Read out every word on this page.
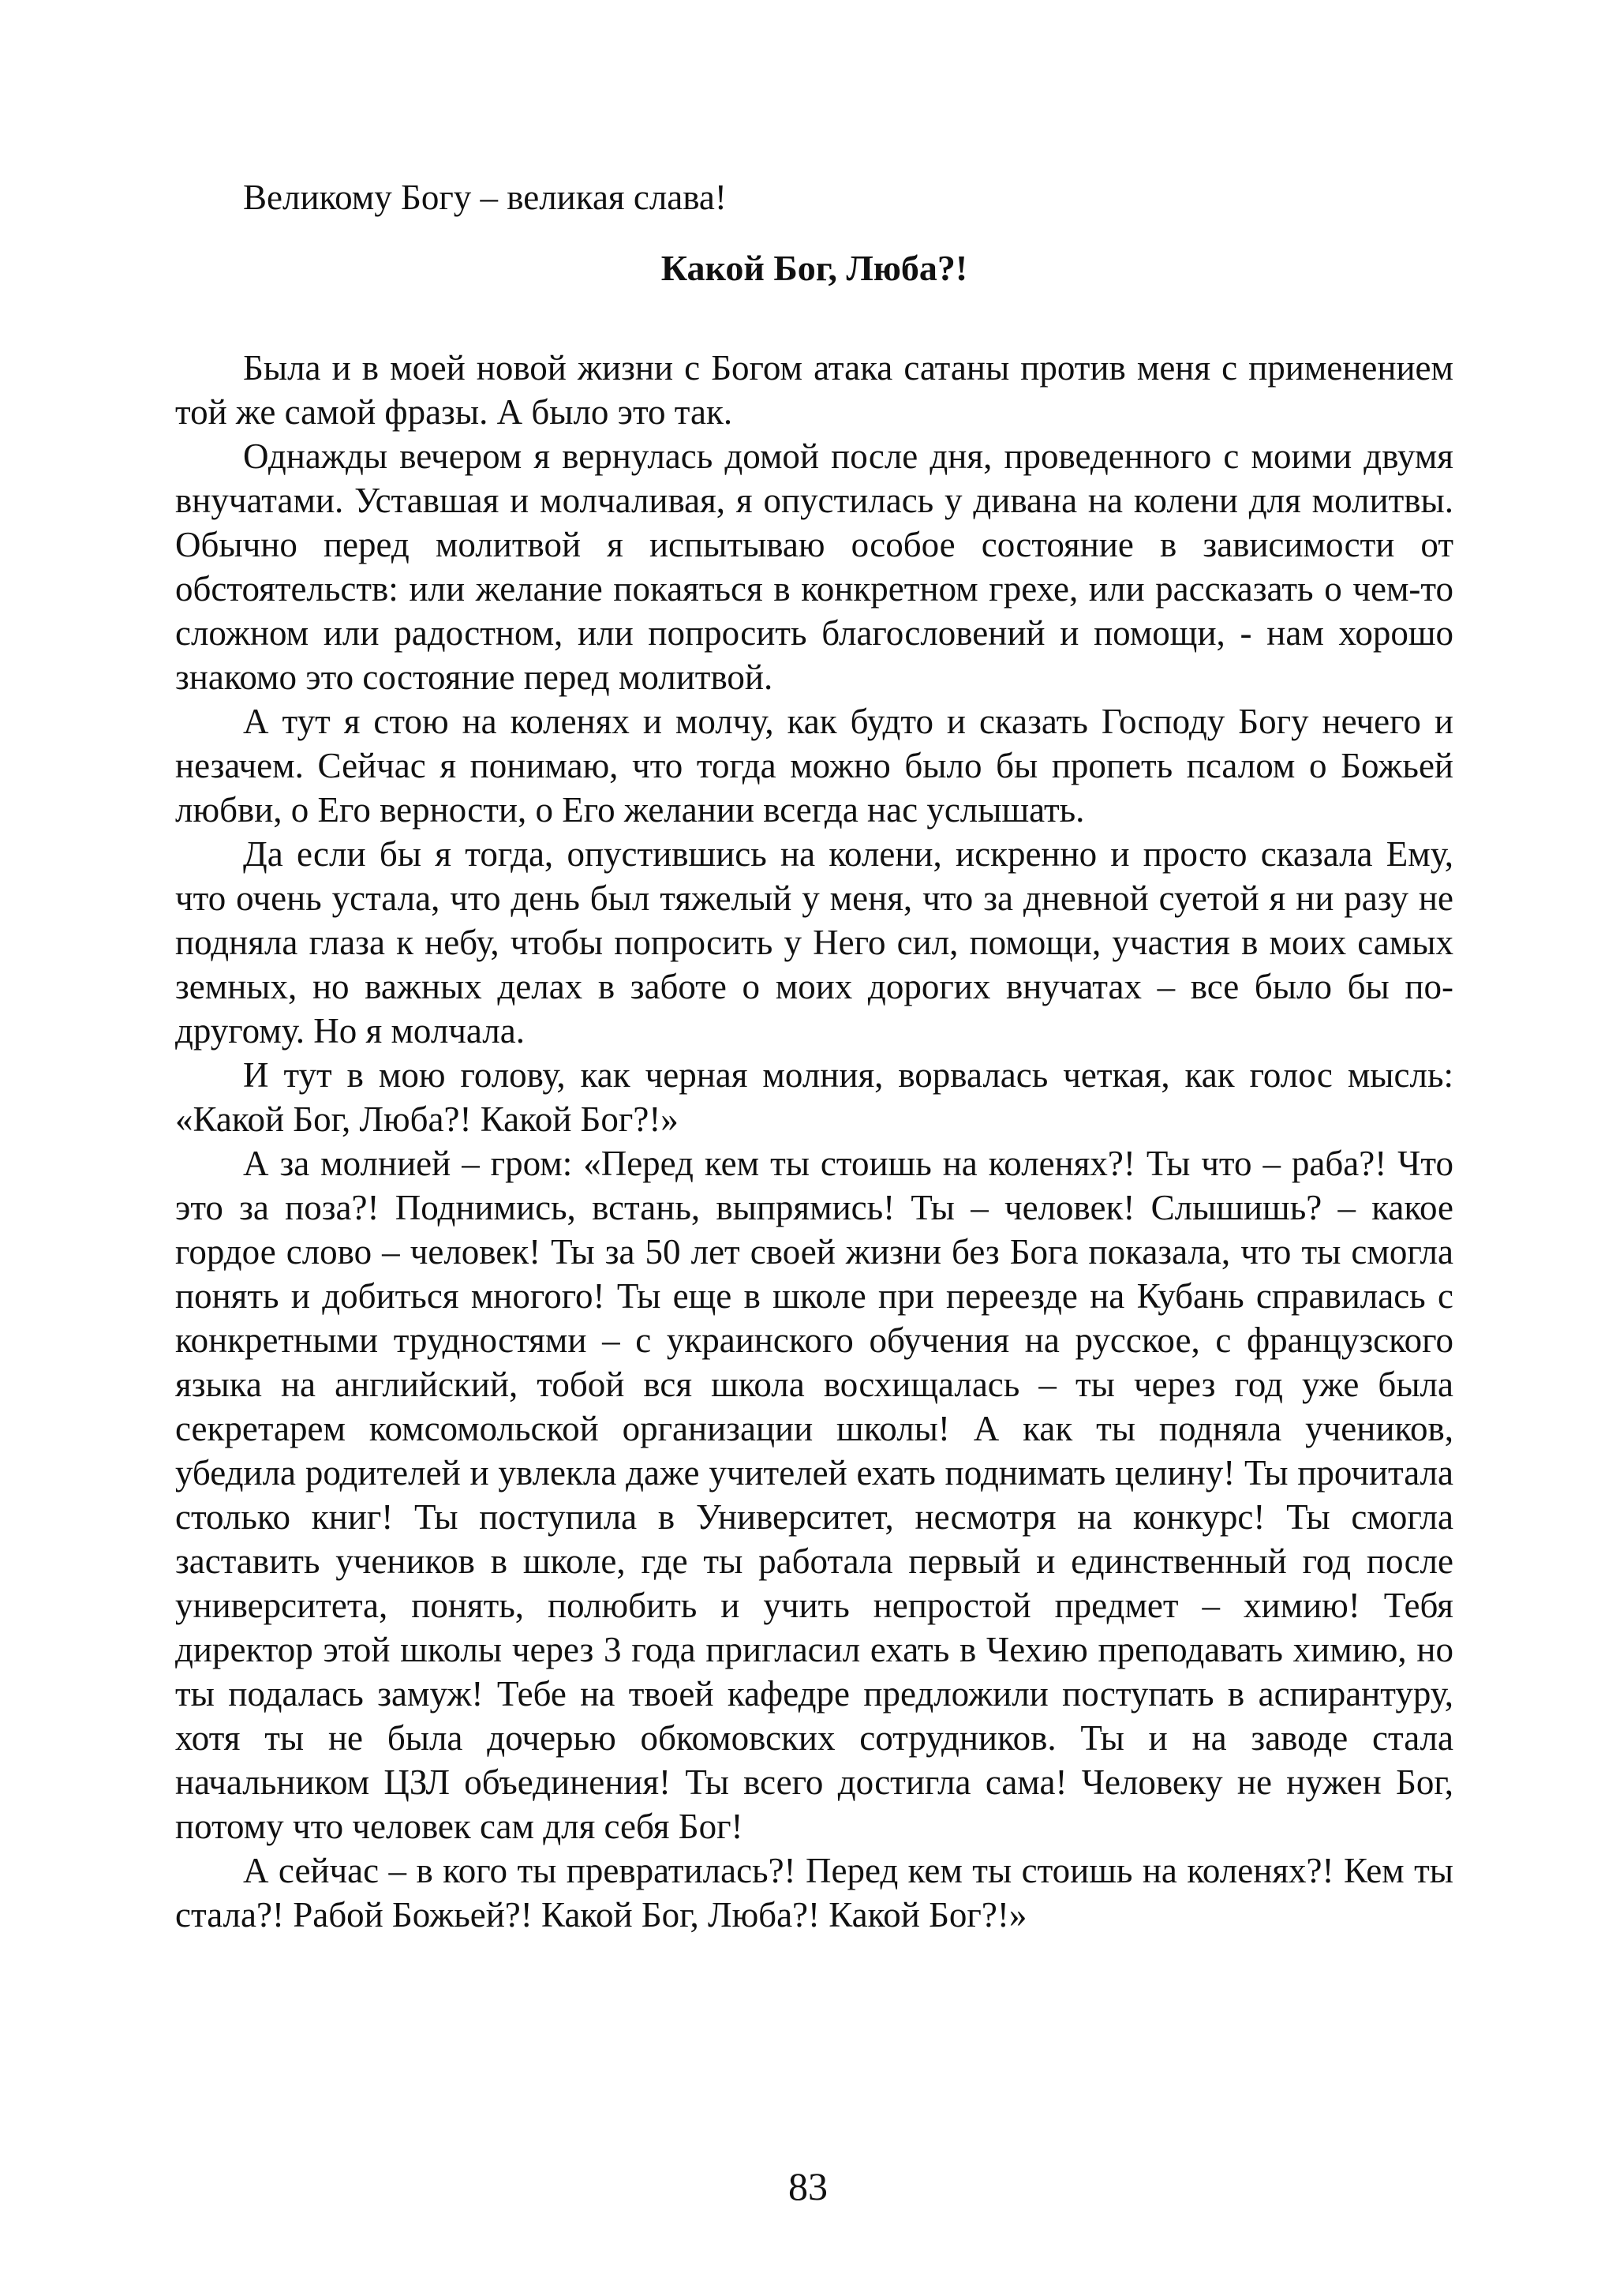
Великому Богу – великая слава!

Какой Бог, Люба?!

Была и в моей новой жизни с Богом атака сатаны против меня с применением той же самой фразы. А было это так.

Однажды вечером я вернулась домой после дня, проведенного с моими двумя внучатами. Уставшая и молчаливая, я опустилась у дивана на колени для молитвы. Обычно перед молитвой я испытываю особое состояние в зависимости от обстоятельств: или желание покаяться в конкретном грехе, или рассказать о чем-то сложном или радостном, или попросить благословений и помощи, - нам хорошо знакомо это состояние перед молитвой.

А тут я стою на коленях и молчу, как будто и сказать Господу Богу нечего и незачем. Сейчас я понимаю, что тогда можно было бы пропеть псалом о Божьей любви, о Его верности, о Его желании всегда нас услышать.

Да если бы я тогда, опустившись на колени, искренно и просто сказала Ему, что очень устала, что день был тяжелый у меня, что за дневной суетой я ни разу не подняла глаза к небу, чтобы попросить у Него сил, помощи, участия в моих самых земных, но важных делах в заботе о моих дорогих внучатах – все было бы по-другому. Но я молчала.

И тут в мою голову, как черная молния, ворвалась четкая, как голос мысль: «Какой Бог, Люба?! Какой Бог?!»

А за молнией – гром: «Перед кем ты стоишь на коленях?! Ты что – раба?! Что это за поза?! Поднимись, встань, выпрямись! Ты – человек! Слышишь? – какое гордое слово – человек! Ты за 50 лет своей жизни без Бога показала, что ты смогла понять и добиться многого! Ты еще в школе при переезде на Кубань справилась с конкретными трудностями – с украинского обучения на русское, с французского языка на английский, тобой вся школа восхищалась – ты через год уже была секретарем комсомольской организации школы! А как ты подняла учеников, убедила родителей и увлекла даже учителей ехать поднимать целину! Ты прочитала столько книг! Ты поступила в Университет, несмотря на конкурс! Ты смогла заставить учеников в школе, где ты работала первый и единственный год после университета, понять, полюбить и учить непростой предмет – химию! Тебя директор этой школы через 3 года пригласил ехать в Чехию преподавать химию, но ты подалась замуж! Тебе на твоей кафедре предложили поступать в аспирантуру, хотя ты не была дочерью обкомовских сотрудников. Ты и на заводе стала начальником ЦЗЛ объединения! Ты всего достигла сама! Человеку не нужен Бог, потому что человек сам для себя Бог!

А сейчас – в кого ты превратилась?! Перед кем ты стоишь на коленях?! Кем ты стала?! Рабой Божьей?! Какой Бог, Люба?! Какой Бог?!»

83
